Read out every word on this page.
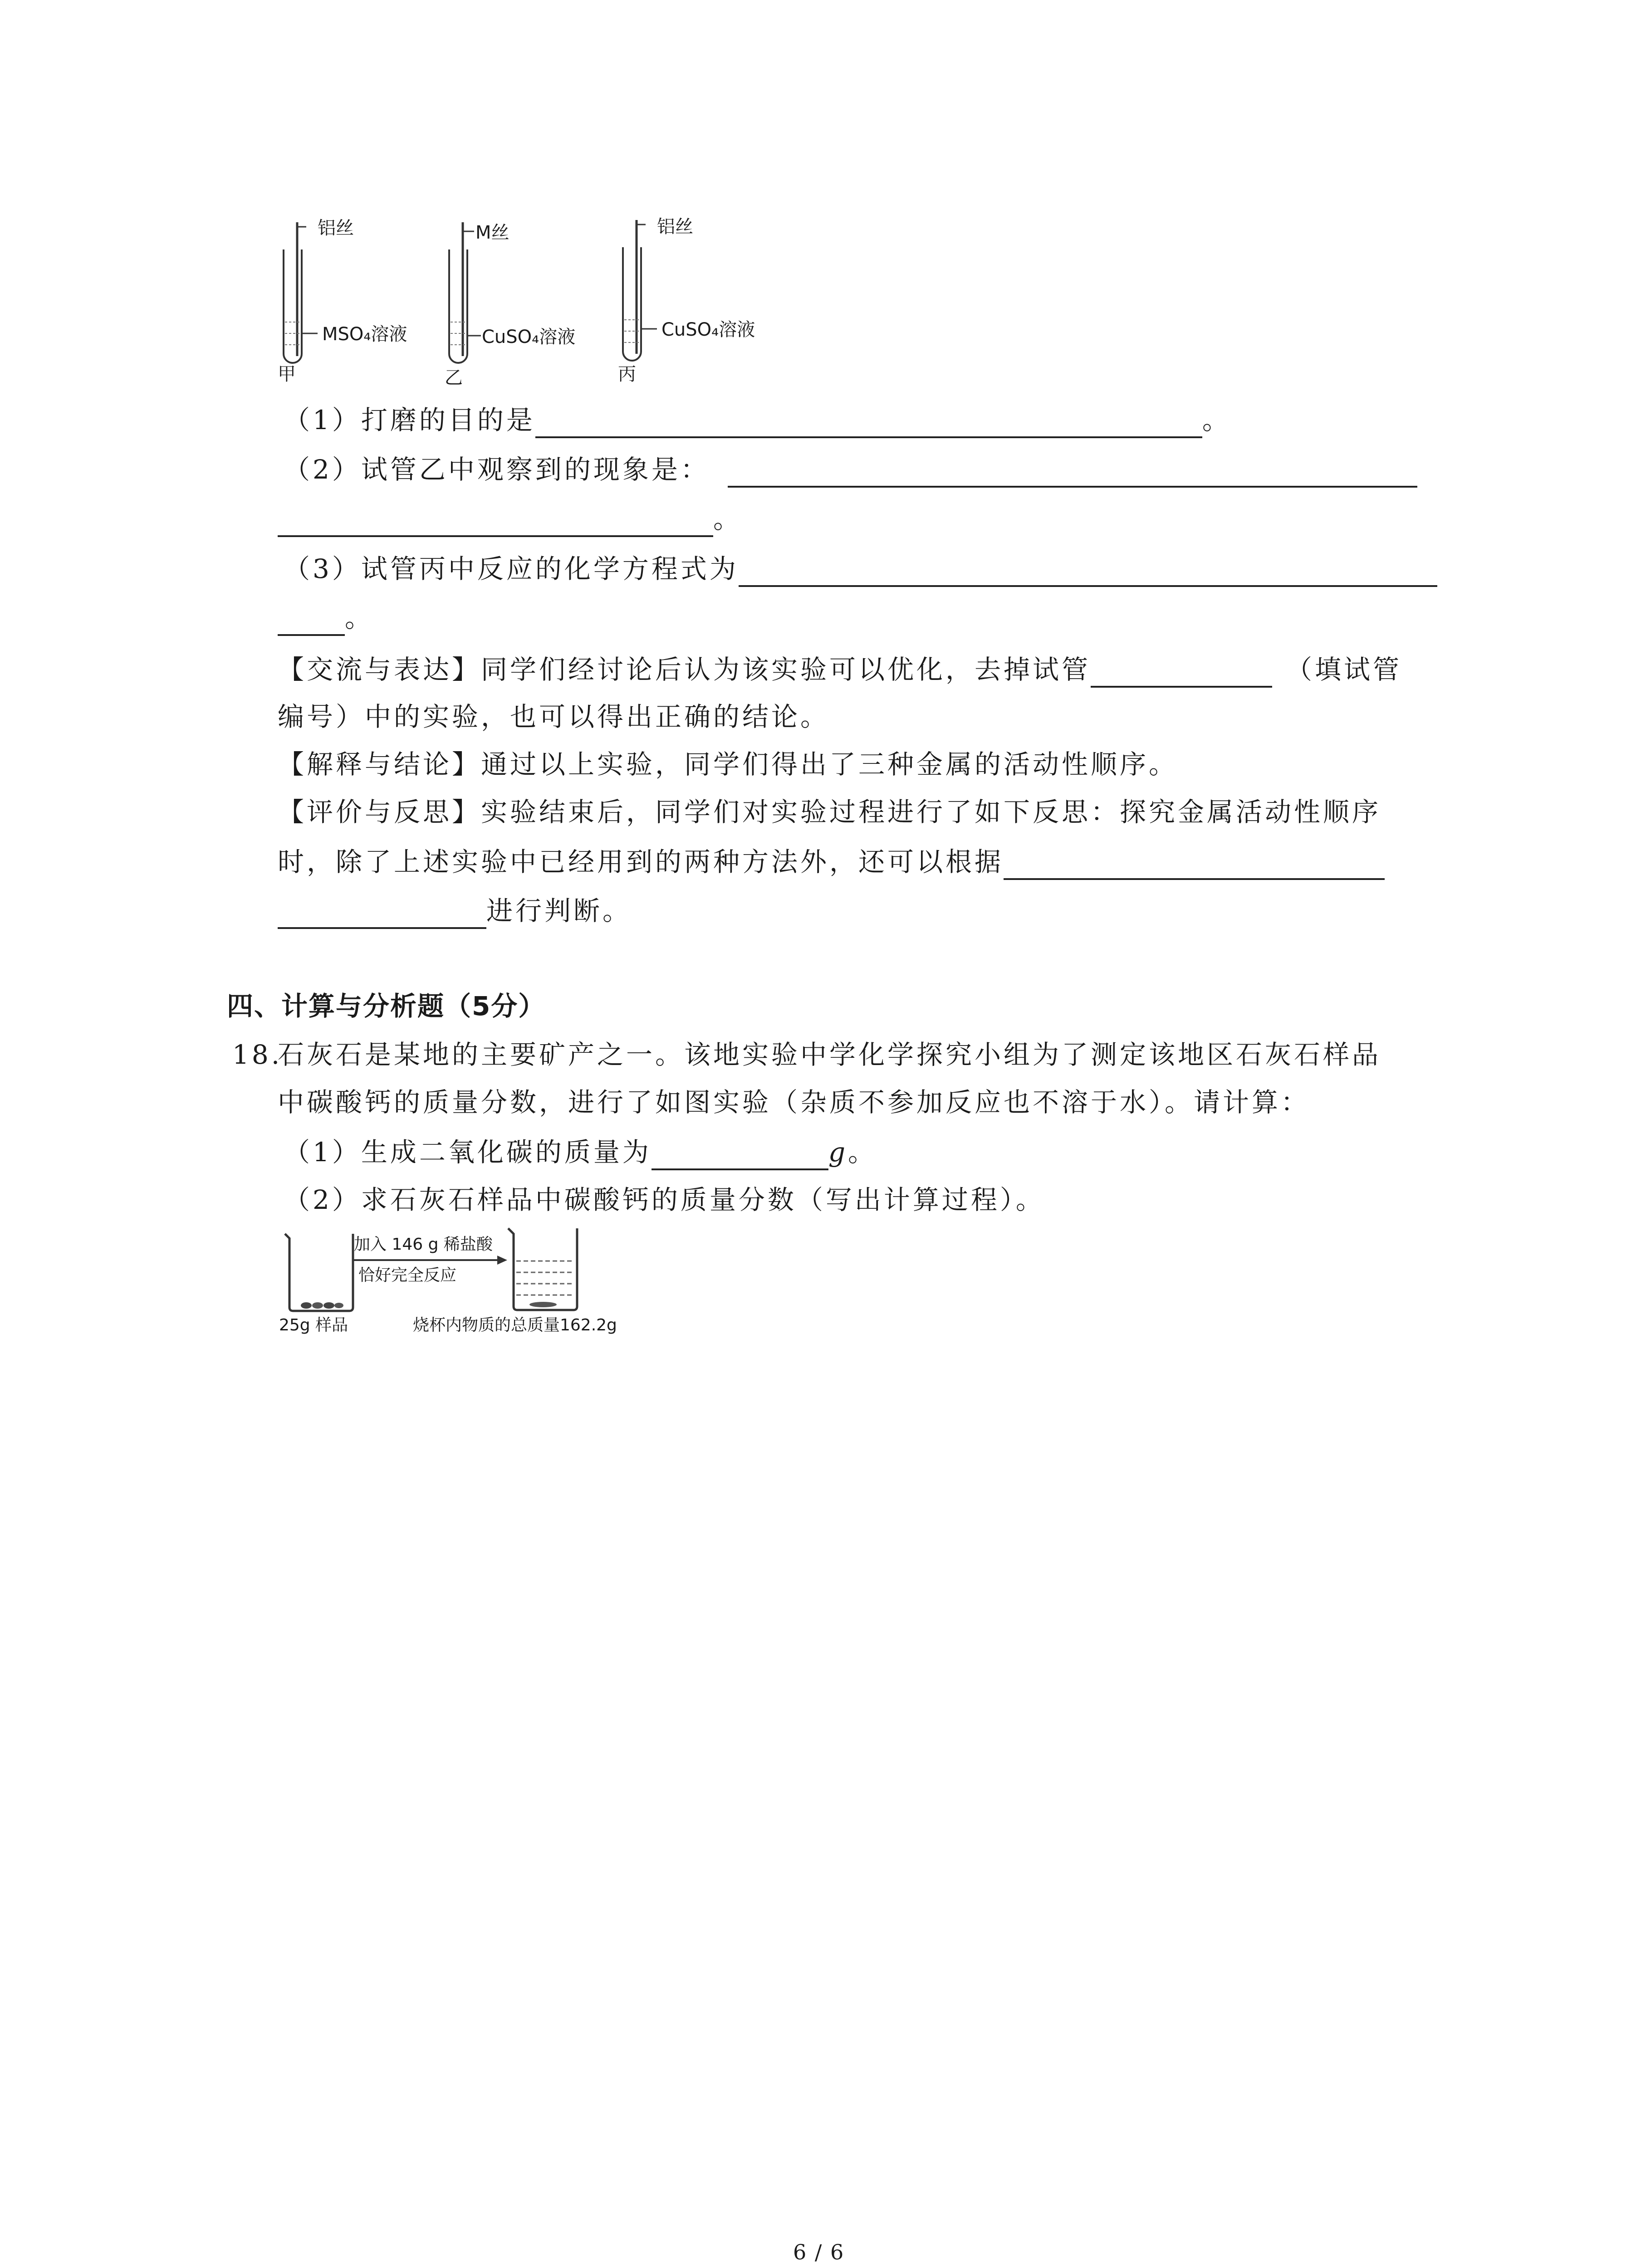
铝丝
MSO₄溶液
甲
M丝
CuSO₄溶液
乙
铝丝
CuSO₄溶液
丙
（1）打磨的目的是	。
（2）试管乙中观察到的现象是：
。
（3）试管丙中反应的化学方程式为
。
【交流与表达】同学们经讨论后认为该实验可以优化，去掉试管	（填试管
编号）中的实验，也可以得出正确的结论。
【解释与结论】通过以上实验，同学们得出了三种金属的活动性顺序。
【评价与反思】实验结束后，同学们对实验过程进行了如下反思：探究金属活动性顺序
时，除了上述实验中已经用到的两种方法外，还可以根据
进行判断。
四、计算与分析题（5分）
18.
石灰石是某地的主要矿产之一。该地实验中学化学探究小组为了测定该地区石灰石样品
中碳酸钙的质量分数，进行了如图实验（杂质不参加反应也不溶于水）。请计算：
（1）生成二氧化碳的质量为	g。
（2）求石灰石样品中碳酸钙的质量分数（写出计算过程）。
加入 146 g 稀盐酸
恰好完全反应
25g 样品	烧杯内物质的总质量162.2g
6 / 6
